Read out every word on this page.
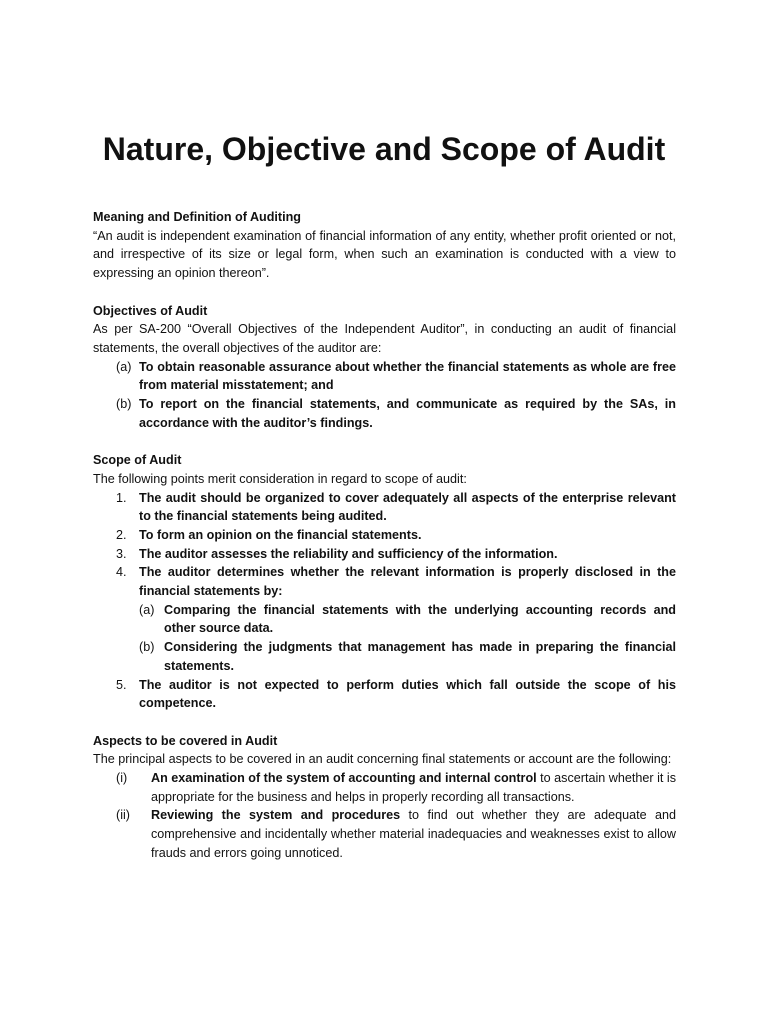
Nature, Objective and Scope of Audit
Meaning and Definition of Auditing
“An audit is independent examination of financial information of any entity, whether profit oriented or not, and irrespective of its size or legal form, when such an examination is conducted with a view to expressing an opinion thereon”.
Objectives of Audit
As per SA-200 “Overall Objectives of the Independent Auditor”, in conducting an audit of financial statements, the overall objectives of the auditor are:
(a) To obtain reasonable assurance about whether the financial statements as whole are free from material misstatement; and
(b) To report on the financial statements, and communicate as required by the SAs, in accordance with the auditor’s findings.
Scope of Audit
The following points merit consideration in regard to scope of audit:
1. The audit should be organized to cover adequately all aspects of the enterprise relevant to the financial statements being audited.
2. To form an opinion on the financial statements.
3. The auditor assesses the reliability and sufficiency of the information.
4. The auditor determines whether the relevant information is properly disclosed in the financial statements by:
(a) Comparing the financial statements with the underlying accounting records and other source data.
(b) Considering the judgments that management has made in preparing the financial statements.
5. The auditor is not expected to perform duties which fall outside the scope of his competence.
Aspects to be covered in Audit
The principal aspects to be covered in an audit concerning final statements or account are the following:
(i) An examination of the system of accounting and internal control to ascertain whether it is appropriate for the business and helps in properly recording all transactions.
(ii) Reviewing the system and procedures to find out whether they are adequate and comprehensive and incidentally whether material inadequacies and weaknesses exist to allow frauds and errors going unnoticed.
